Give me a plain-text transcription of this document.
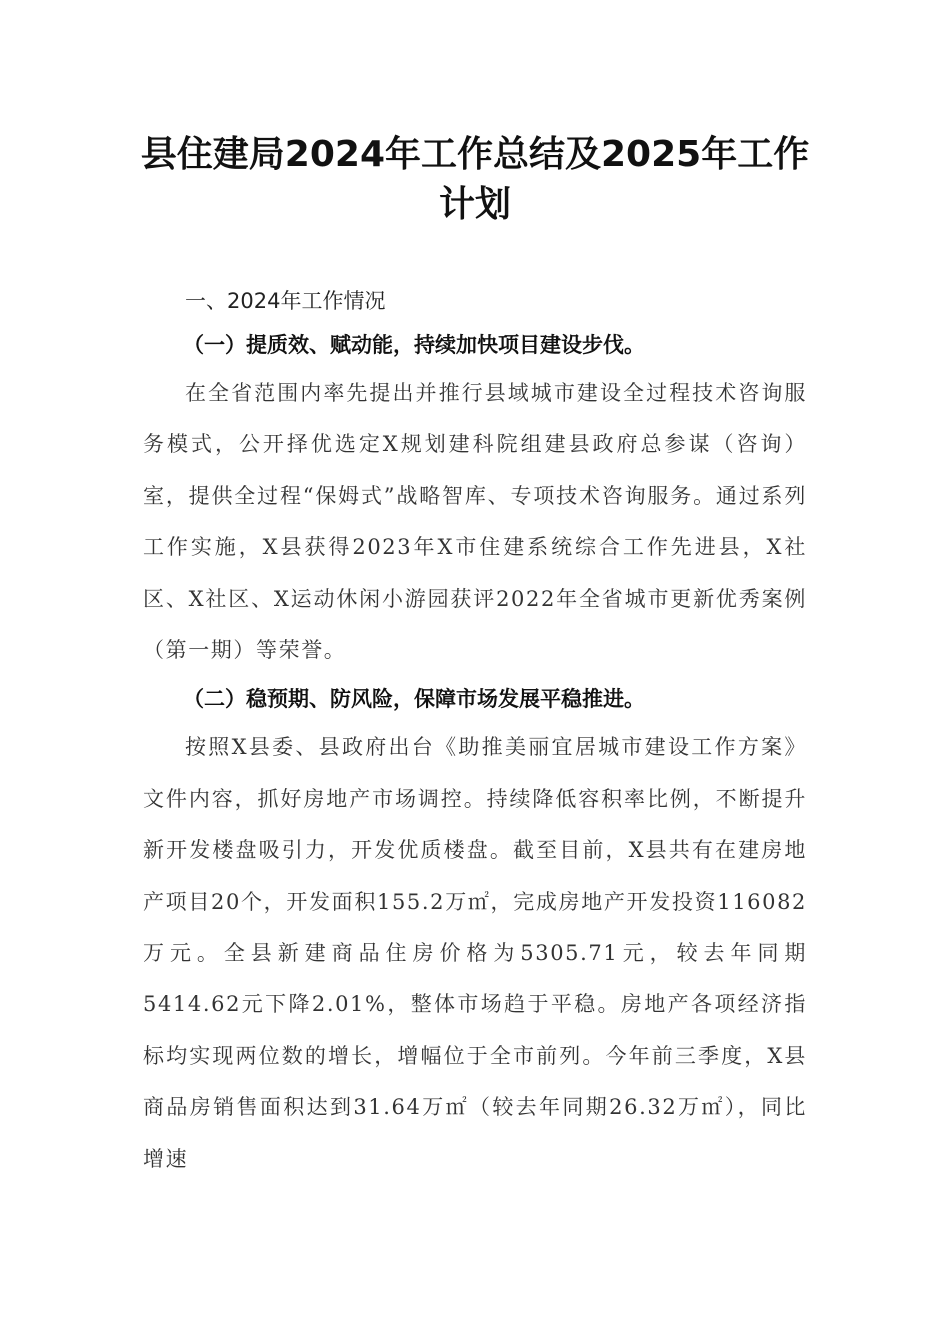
县住建局2024年工作总结及2025年工作计划
一、2024年工作情况
（一）提质效、赋动能，持续加快项目建设步伐。

在全省范围内率先提出并推行县域城市建设全过程技术咨询服务模式，公开择优选定X规划建科院组建县政府总参谋（咨询）室，提供全过程“保姆式”战略智库、专项技术咨询服务。通过系列工作实施，X县获得2023年X市住建系统综合工作先进县，X社区、X社区、X运动休闲小游园获评2022年全省城市更新优秀案例（第一期）等荣誉。

（二）稳预期、防风险，保障市场发展平稳推进。

按照X县委、县政府出台《助推美丽宜居城市建设工作方案》文件内容，抓好房地产市场调控。持续降低容积率比例，不断提升新开发楼盘吸引力，开发优质楼盘。截至目前，X县共有在建房地产项目20个，开发面积155.2万㎡，完成房地产开发投资116082万元。全县新建商品住房价格为5305.71元，较去年同期5414.62元下降2.01%，整体市场趋于平稳。房地产各项经济指标均实现两位数的增长，增幅位于全市前列。今年前三季度，X县商品房销售面积达到31.64万㎡（较去年同期26.32万㎡），同比增速
